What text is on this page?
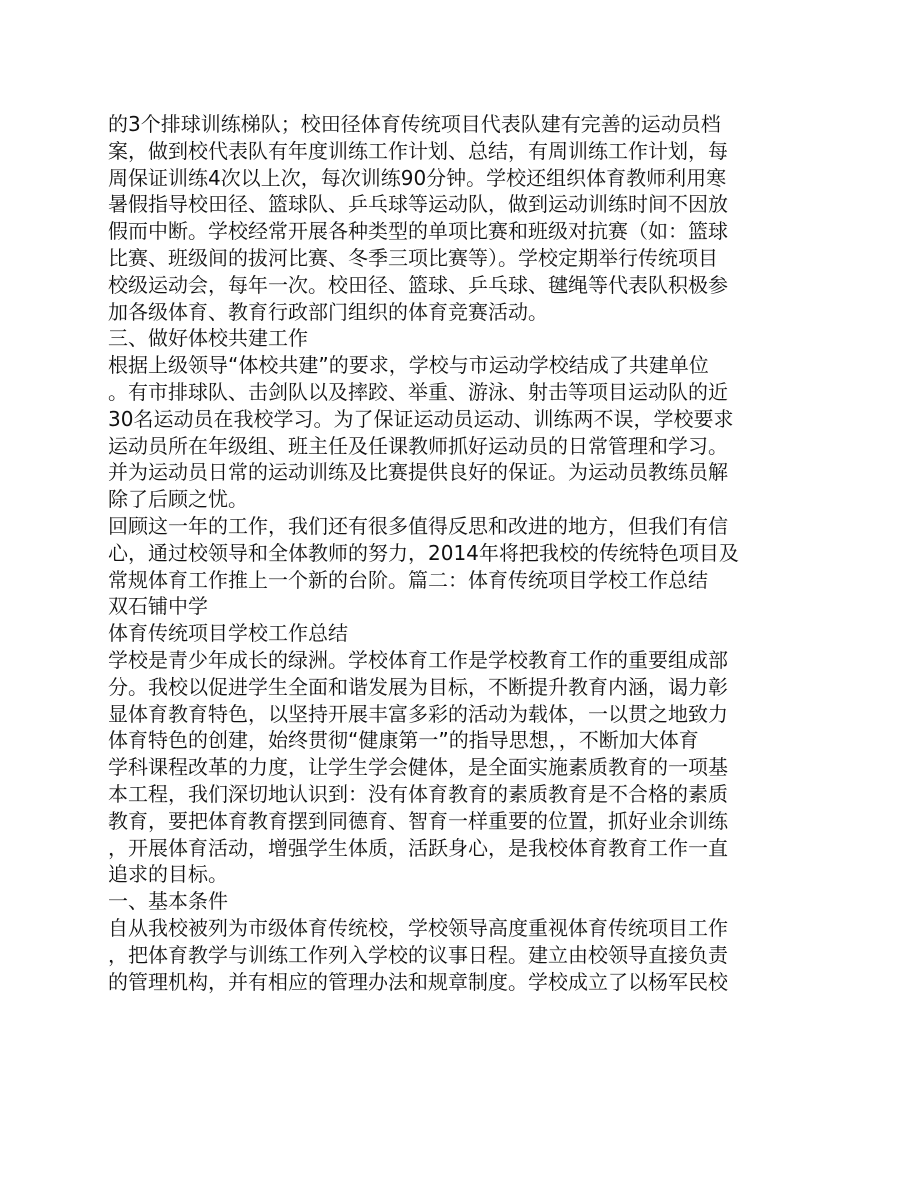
的3个排球训练梯队；校田径体育传统项目代表队建有完善的运动员档
案，做到校代表队有年度训练工作计划、总结，有周训练工作计划，每
周保证训练4次以上次，每次训练90分钟。学校还组织体育教师利用寒
暑假指导校田径、篮球队、乒乓球等运动队，做到运动训练时间不因放
假而中断。学校经常开展各种类型的单项比赛和班级对抗赛（如：篮球
比赛、班级间的拔河比赛、冬季三项比赛等）。学校定期举行传统项目
校级运动会，每年一次。校田径、篮球、乒乓球、毽绳等代表队积极参
加各级体育、教育行政部门组织的体育竞赛活动。
三、做好体校共建工作
根据上级领导“体校共建”的要求，学校与市运动学校结成了共建单位
。有市排球队、击剑队以及摔跤、举重、游泳、射击等项目运动队的近
30名运动员在我校学习。为了保证运动员运动、训练两不误，学校要求
运动员所在年级组、班主任及任课教师抓好运动员的日常管理和学习。
并为运动员日常的运动训练及比赛提供良好的保证。为运动员教练员解
除了后顾之忧。
回顾这一年的工作，我们还有很多值得反思和改进的地方，但我们有信
心，通过校领导和全体教师的努力，2014年将把我校的传统特色项目及
常规体育工作推上一个新的台阶。篇二：体育传统项目学校工作总结
双石铺中学
体育传统项目学校工作总结
学校是青少年成长的绿洲。学校体育工作是学校教育工作的重要组成部
分。我校以促进学生全面和谐发展为目标，不断提升教育内涵，谒力彰
显体育教育特色，以坚持开展丰富多彩的活动为载体，一以贯之地致力
体育特色的创建，始终贯彻“健康第一”的指导思想，，不断加大体育
学科课程改革的力度，让学生学会健体，是全面实施素质教育的一项基
本工程，我们深切地认识到：没有体育教育的素质教育是不合格的素质
教育，要把体育教育摆到同德育、智育一样重要的位置，抓好业余训练
，开展体育活动，增强学生体质，活跃身心，是我校体育教育工作一直
追求的目标。
一、基本条件
自从我校被列为市级体育传统校，学校领导高度重视体育传统项目工作
，把体育教学与训练工作列入学校的议事日程。建立由校领导直接负责
的管理机构，并有相应的管理办法和规章制度。学校成立了以杨军民校
